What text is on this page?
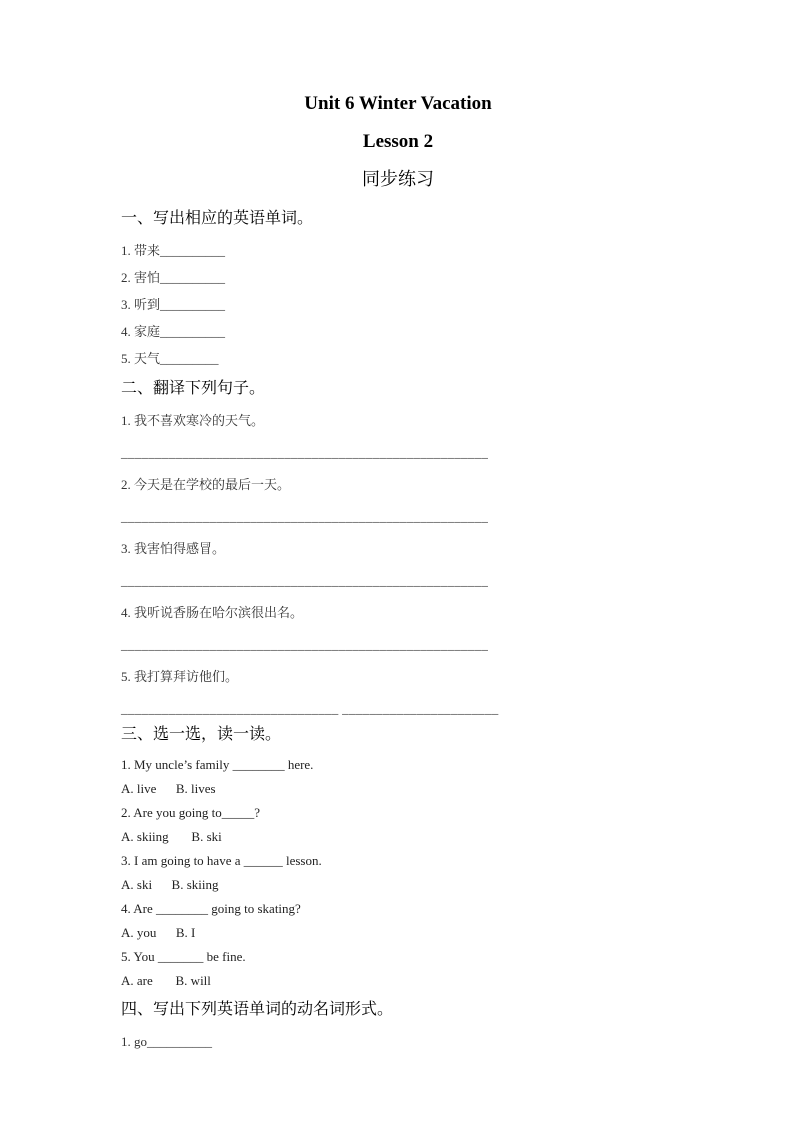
Unit 6 Winter Vacation
Lesson 2
同步练习
一、写出相应的英语单词。
1. 带来__________
2. 害怕__________
3. 听到__________
4. 家庭__________
5. 天气_________
二、翻译下列句子。
1. 我不喜欢寒冷的天气。
______________________________________________________
2. 今天是在学校的最后一天。
______________________________________________________
3. 我害怕得感冒。
______________________________________________________
4. 我听说香肠在哈尔滨很出名。
______________________________________________________
5. 我打算拜访他们。
________________________________ _______________________
三、选一选，读一读。
1. My uncle’s family ________ here.
A. live      B. lives
2. Are you going to_____?
A. skiing       B. ski
3. I am going to have a ______ lesson.
A. ski      B. skiing
4. Are ________ going to skating?
A. you      B. I
5. You _______ be fine.
A. are       B. will
四、写出下列英语单词的动名词形式。
1. go__________
